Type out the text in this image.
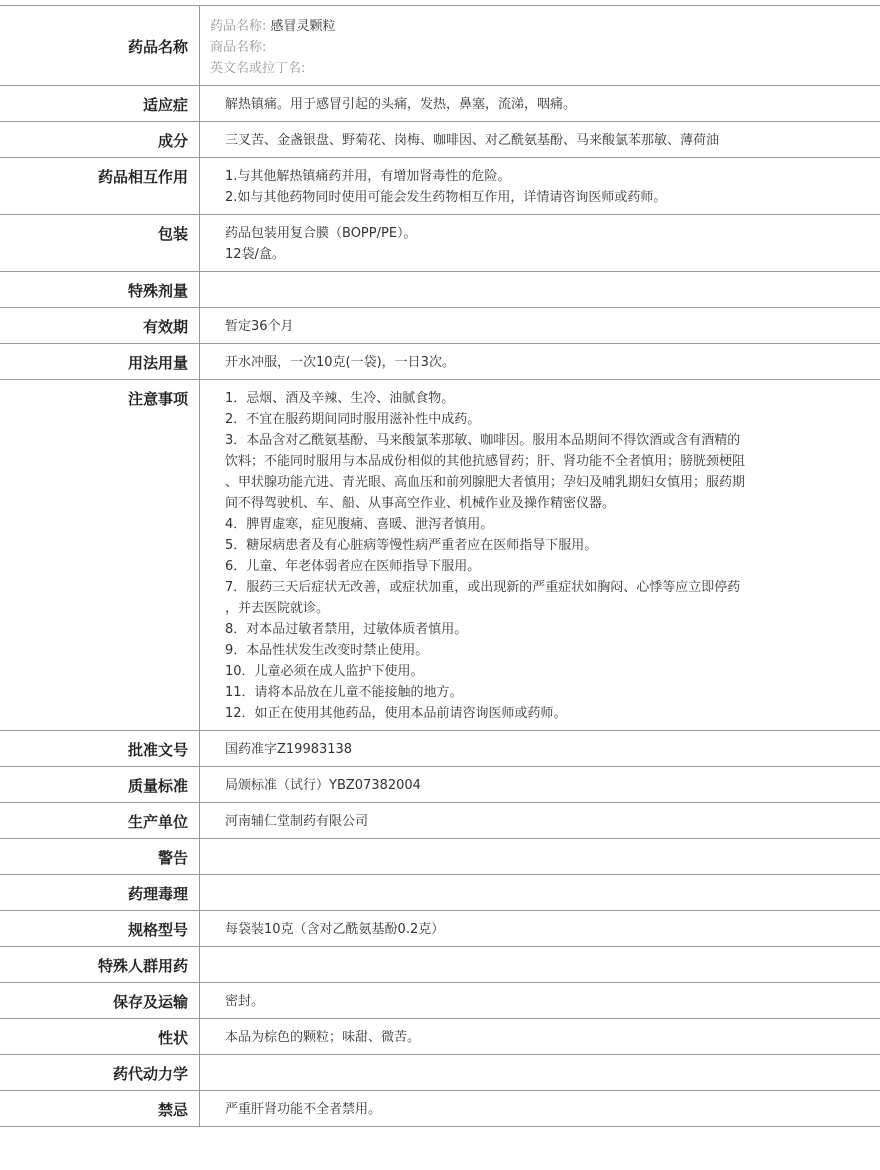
药品名称
药品名称: 感冒灵颗粒
商品名称:
英文名或拉丁名:
适应症	解热镇痛。用于感冒引起的头痛，发热，鼻塞，流涕，咽痛。
成分	三叉苦、金盏银盘、野菊花、岗梅、咖啡因、对乙酰氨基酚、马来酸氯苯那敏、薄荷油
药品相互作用	1.与其他解热镇痛药并用，有增加肾毒性的危险。
2.如与其他药物同时使用可能会发生药物相互作用，详情请咨询医师或药师。
包装	药品包装用复合膜（BOPP/PE）。
12袋/盒。
特殊剂量
有效期	暂定36个月
用法用量	开水冲服，一次10克(一袋)，一日3次。
注意事项	1．忌烟、酒及辛辣、生冷、油腻食物。
2．不宜在服药期间同时服用滋补性中成药。
3．本品含对乙酰氨基酚、马来酸氯苯那敏、咖啡因。服用本品期间不得饮酒或含有酒精的
饮料；不能同时服用与本品成份相似的其他抗感冒药；肝、肾功能不全者慎用；膀胱颈梗阻
、甲状腺功能亢进、青光眼、高血压和前列腺肥大者慎用；孕妇及哺乳期妇女慎用；服药期
间不得驾驶机、车、船、从事高空作业、机械作业及操作精密仪器。
4．脾胃虚寒，症见腹痛、喜暖、泄泻者慎用。
5．糖尿病患者及有心脏病等慢性病严重者应在医师指导下服用。
6．儿童、年老体弱者应在医师指导下服用。
7．服药三天后症状无改善，或症状加重，或出现新的严重症状如胸闷、心悸等应立即停药
，并去医院就诊。
8．对本品过敏者禁用，过敏体质者慎用。
9．本品性状发生改变时禁止使用。
10．儿童必须在成人监护下使用。
11．请将本品放在儿童不能接触的地方。
12．如正在使用其他药品，使用本品前请咨询医师或药师。
批准文号	国药准字Z19983138
质量标准	局颁标准（试行）YBZ07382004
生产单位	河南辅仁堂制药有限公司
警告
药理毒理
规格型号	每袋装10克（含对乙酰氨基酚0.2克）
特殊人群用药
保存及运输	密封。
性状	本品为棕色的颗粒；味甜、微苦。
药代动力学
禁忌	严重肝肾功能不全者禁用。
